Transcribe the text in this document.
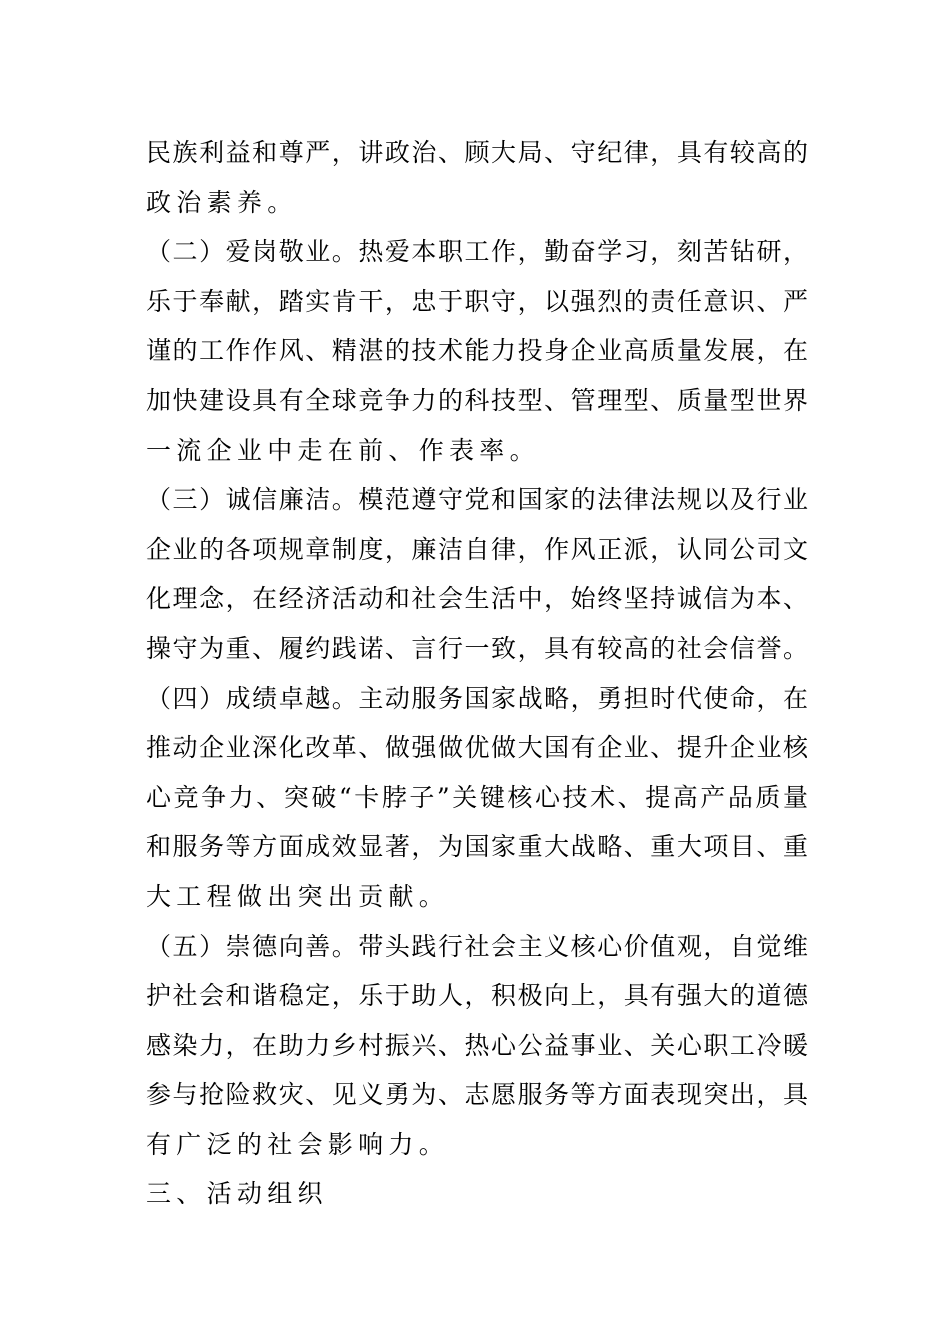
民族利益和尊严，讲政治、顾大局、守纪律，具有较高的
政治素养。
（二）爱岗敬业。热爱本职工作，勤奋学习，刻苦钻研，
乐于奉献，踏实肯干，忠于职守，以强烈的责任意识、严
谨的工作作风、精湛的技术能力投身企业高质量发展，在
加快建设具有全球竞争力的科技型、管理型、质量型世界
一流企业中走在前、作表率。
（三）诚信廉洁。模范遵守党和国家的法律法规以及行业
企业的各项规章制度，廉洁自律，作风正派，认同公司文
化理念，在经济活动和社会生活中，始终坚持诚信为本、
操守为重、履约践诺、言行一致，具有较高的社会信誉。
（四）成绩卓越。主动服务国家战略，勇担时代使命，在
推动企业深化改革、做强做优做大国有企业、提升企业核
心竞争力、突破“卡脖子”关键核心技术、提高产品质量
和服务等方面成效显著，为国家重大战略、重大项目、重
大工程做出突出贡献。
（五）崇德向善。带头践行社会主义核心价值观，自觉维
护社会和谐稳定，乐于助人，积极向上，具有强大的道德
感染力，在助力乡村振兴、热心公益事业、关心职工冷暖
参与抢险救灾、见义勇为、志愿服务等方面表现突出，具
有广泛的社会影响力。
三、活动组织
